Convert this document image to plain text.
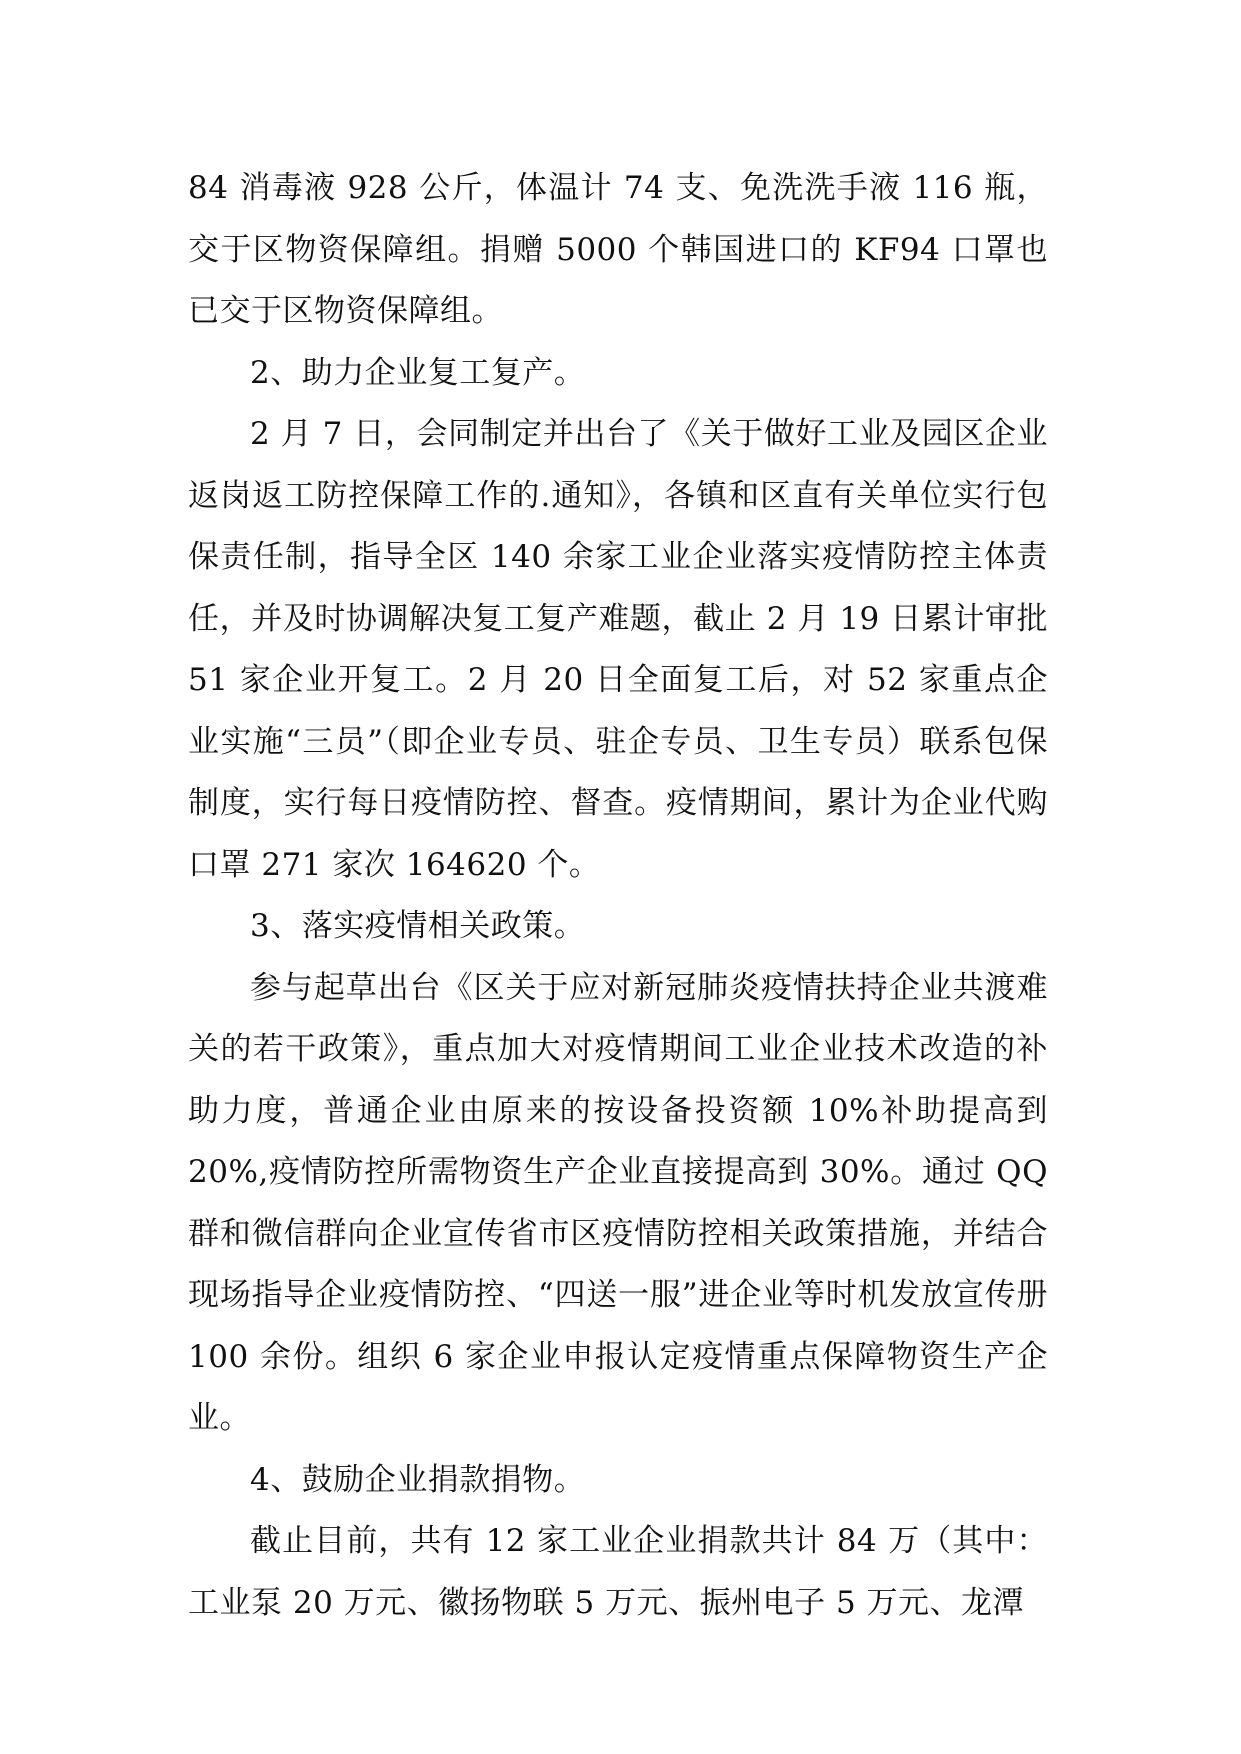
84 消毒液 928 公斤，体温计 74 支、免洗洗手液 116 瓶，交于区物资保障组。捐赠 5000 个韩国进口的 KF94 口罩也已交于区物资保障组。

2、助力企业复工复产。

2 月 7 日，会同制定并出台了《关于做好工业及园区企业返岗返工防控保障工作的.通知》，各镇和区直有关单位实行包保责任制，指导全区 140 余家工业企业落实疫情防控主体责任，并及时协调解决复工复产难题，截止 2 月 19 日累计审批 51 家企业开复工。2 月 20 日全面复工后，对 52 家重点企业实施“三员”（即企业专员、驻企专员、卫生专员）联系包保制度，实行每日疫情防控、督查。疫情期间，累计为企业代购口罩 271 家次 164620 个。

3、落实疫情相关政策。

参与起草出台《区关于应对新冠肺炎疫情扶持企业共渡难关的若干政策》，重点加大对疫情期间工业企业技术改造的补助力度，普通企业由原来的按设备投资额 10%补助提高到 20%,疫情防控所需物资生产企业直接提高到 30%。通过 QQ 群和微信群向企业宣传省市区疫情防控相关政策措施，并结合现场指导企业疫情防控、“四送一服”进企业等时机发放宣传册 100 余份。组织 6 家企业申报认定疫情重点保障物资生产企业。

4、鼓励企业捐款捐物。

截止目前，共有 12 家工业企业捐款共计 84 万（其中：工业泵 20 万元、徽扬物联 5 万元、振州电子 5 万元、龙潭
